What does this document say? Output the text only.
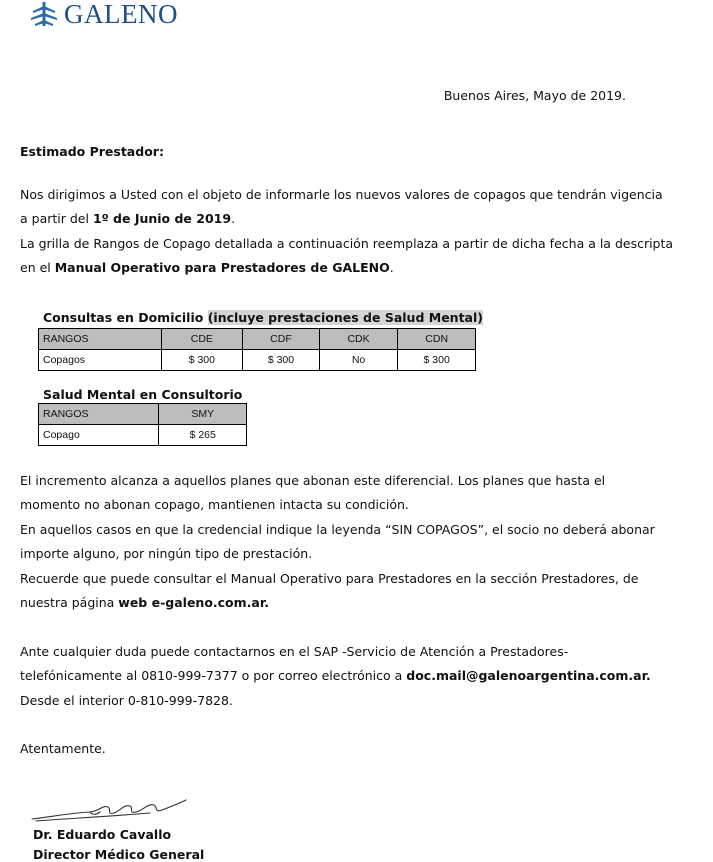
GALENO
Buenos Aires, Mayo de 2019.
Estimado Prestador:

Nos dirigimos a Usted con el objeto de informarle los nuevos valores de copagos que tendrán vigencia

a partir del 1º de Junio de 2019.

La grilla de Rangos de Copago detallada a continuación reemplaza a partir de dicha fecha a la descripta

en el Manual Operativo para Prestadores de GALENO.

Consultas en Domicilio (incluye prestaciones de Salud Mental)
RANGOS	CDE	CDF	CDK	CDN
Copagos	$ 300	$ 300	No	$ 300
Salud Mental en Consultorio
RANGOS	SMY
Copago	$ 265

El incremento alcanza a aquellos planes que abonan este diferencial. Los planes que hasta el

momento no abonan copago, mantienen intacta su condición.

En aquellos casos en que la credencial indique la leyenda “SIN COPAGOS”, el socio no deberá abonar

importe alguno, por ningún tipo de prestación.

Recuerde que puede consultar el Manual Operativo para Prestadores en la sección Prestadores, de

nuestra página web e-galeno.com.ar.

Ante cualquier duda puede contactarnos en el SAP -Servicio de Atención a Prestadores-

telefónicamente al 0810-999-7377 o por correo electrónico a doc.mail@galenoargentina.com.ar.

Desde el interior 0-810-999-7828.

Atentamente.
Dr. Eduardo Cavallo
Director Médico General
